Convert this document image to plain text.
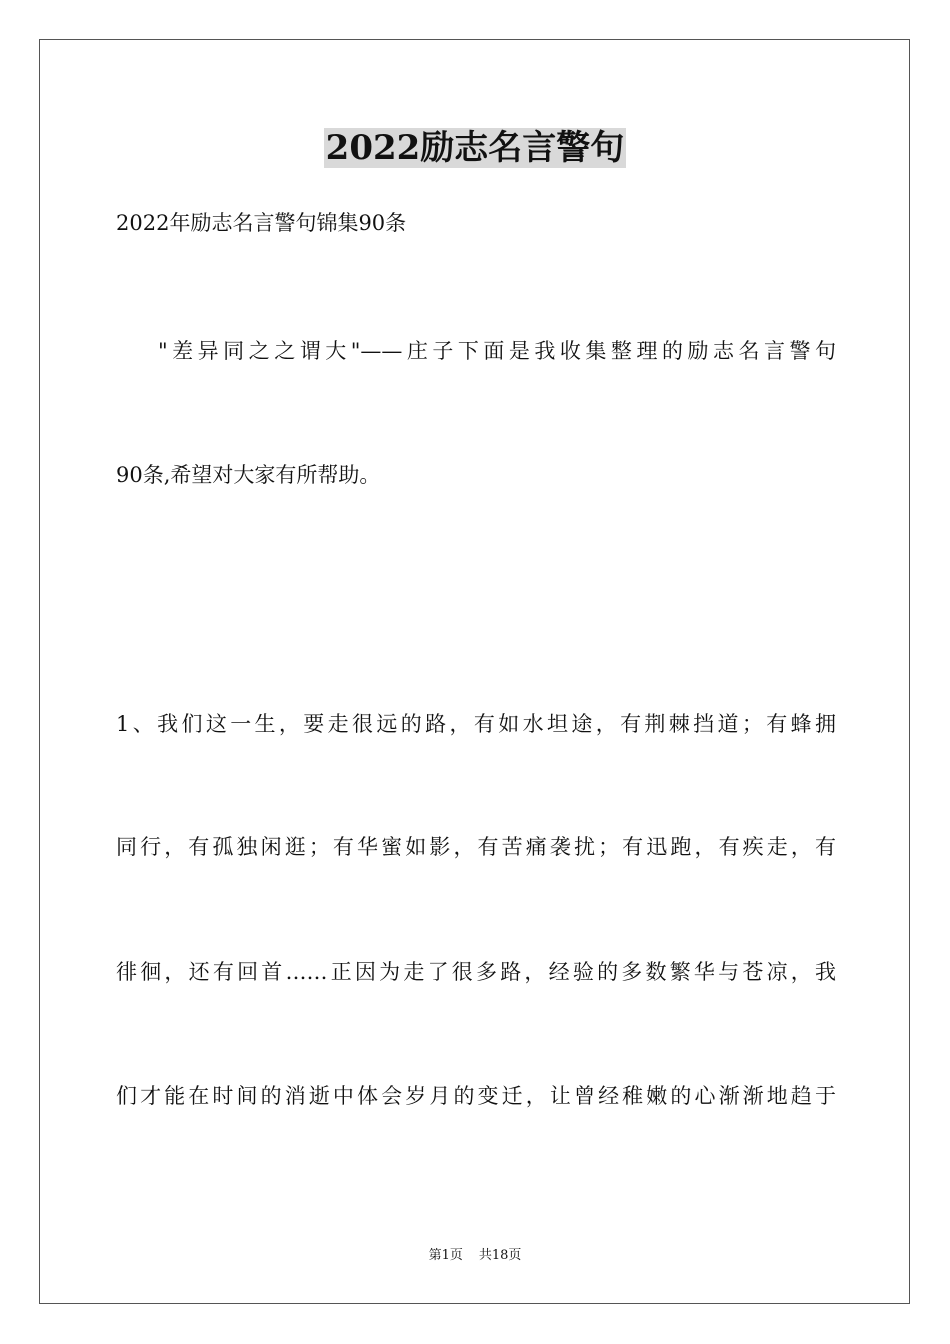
2022励志名言警句
2022年励志名言警句锦集90条
"差异同之之谓大"——庄子下面是我收集整理的励志名言警句
90条,希望对大家有所帮助。
1、我们这一生，要走很远的路，有如水坦途，有荆棘挡道；有蜂拥
同行，有孤独闲逛；有华蜜如影，有苦痛袭扰；有迅跑，有疾走，有
徘徊，还有回首……正因为走了很多路，经验的多数繁华与苍凉，我
们才能在时间的消逝中体会岁月的变迁，让曾经稚嫩的心渐渐地趋于
第1页 共18页
